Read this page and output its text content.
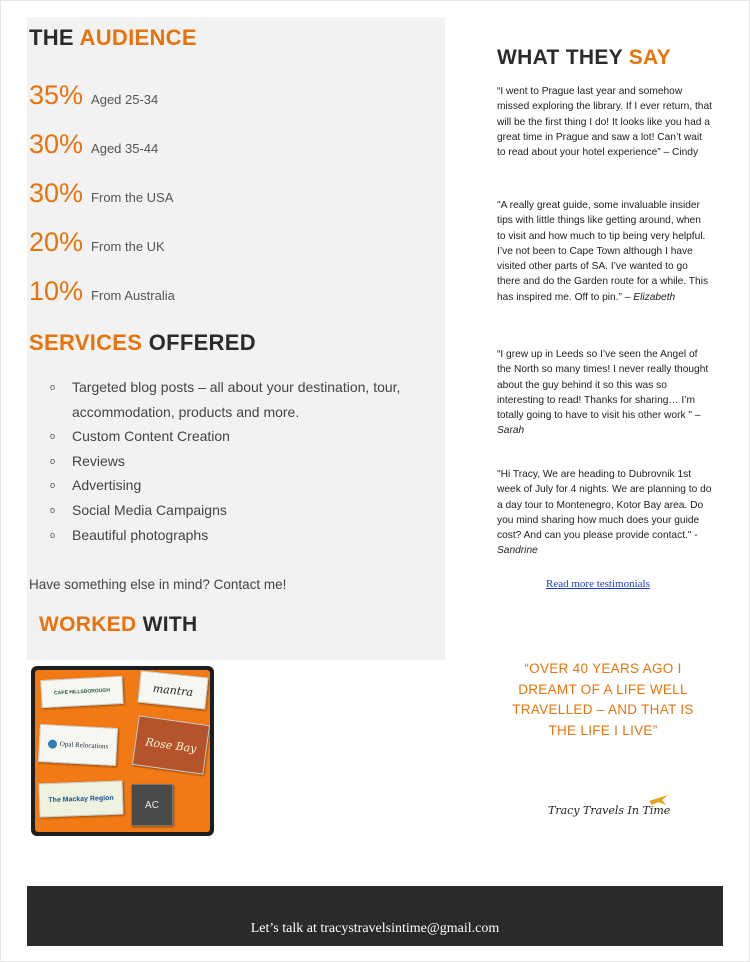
THE AUDIENCE
35% Aged 25-34
30% Aged 35-44
30% From the USA
20% From the UK
10% From Australia
SERVICES OFFERED
o Targeted blog posts – all about your destination, tour, accommodation, products and more.
o Custom Content Creation
o Reviews
o Advertising
o Social Media Campaigns
o Beautiful photographs
Have something else in mind? Contact me!
WORKED WITH
CAPE HILLSBOROUGH	mantra
Opal Relocations	Rose Bay
The Mackay Region
AC
WHAT THEY SAY

“I went to Prague last year and somehow missed exploring the library. If I ever return, that will be the first thing I do! It looks like you had a great time in Prague and saw a lot! Can’t wait to read about your hotel experience” – Cindy

"A really great guide, some invaluable insider tips with little things like getting around, when to visit and how much to tip being very helpful. I’ve not been to Cape Town although I have visited other parts of SA. I’ve wanted to go there and do the Garden route for a while. This has inspired me. Off to pin.” – Elizabeth

“I grew up in Leeds so I’ve seen the Angel of the North so many times! I never really thought about the guy behind it so this was so interesting to read! Thanks for sharing… I’m totally going to have to visit his other work " – Sarah

"Hi Tracy, We are heading to Dubrovnik 1st week of July for 4 nights. We are planning to do a day tour to Montenegro, Kotor Bay area. Do you mind sharing how much does your guide cost? And can you please provide contact." - Sandrine

Read more testimonials
“OVER 40 YEARS AGO I DREAMT OF A LIFE WELL TRAVELLED – AND THAT IS THE LIFE I LIVE”
Tracy Travels In Time
Let’s talk at tracystravelsintime@gmail.com
